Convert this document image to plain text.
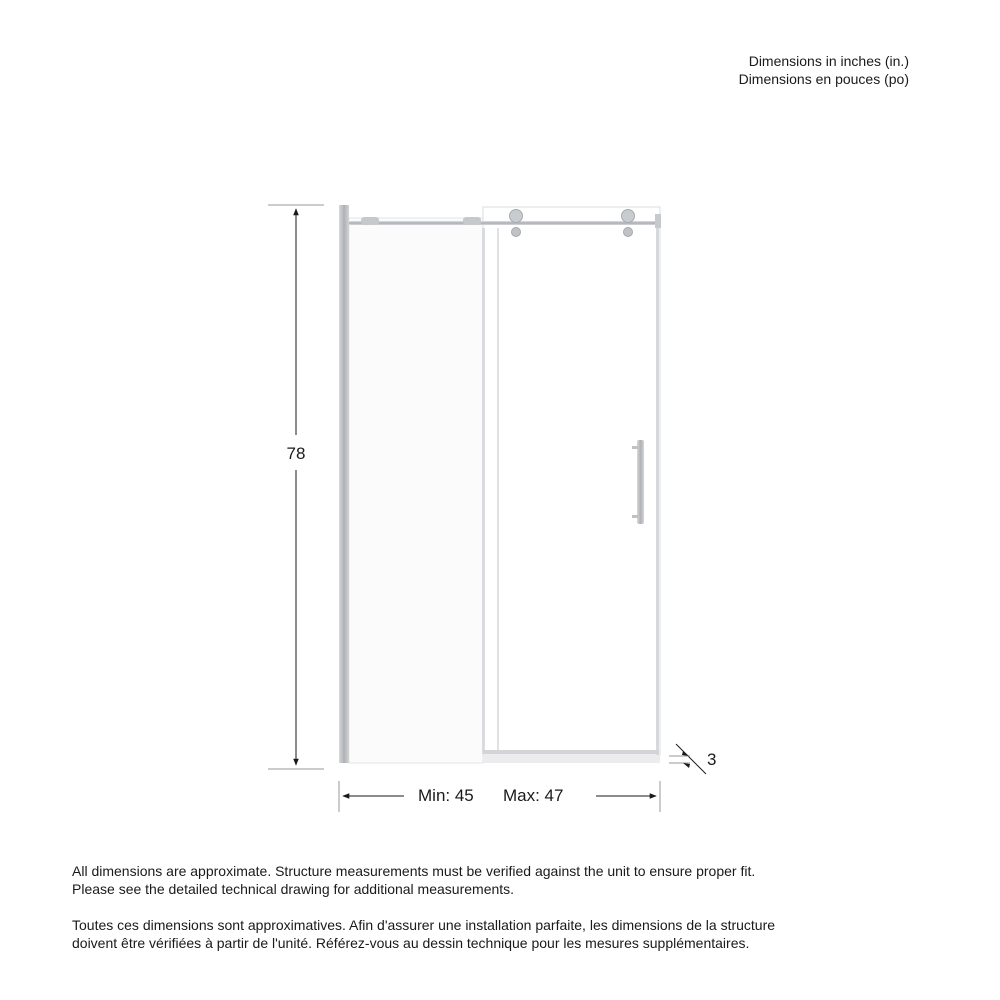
Dimensions in inches (in.)
Dimensions en pouces (po)
78
Min: 45 Max: 47
3

All dimensions are approximate. Structure measurements must be verified against the unit to ensure proper fit.
Please see the detailed technical drawing for additional measurements.

Toutes ces dimensions sont approximatives. Afin d'assurer une installation parfaite, les dimensions de la structure
doivent être vérifiées à partir de l'unité. Référez-vous au dessin technique pour les mesures supplémentaires.
